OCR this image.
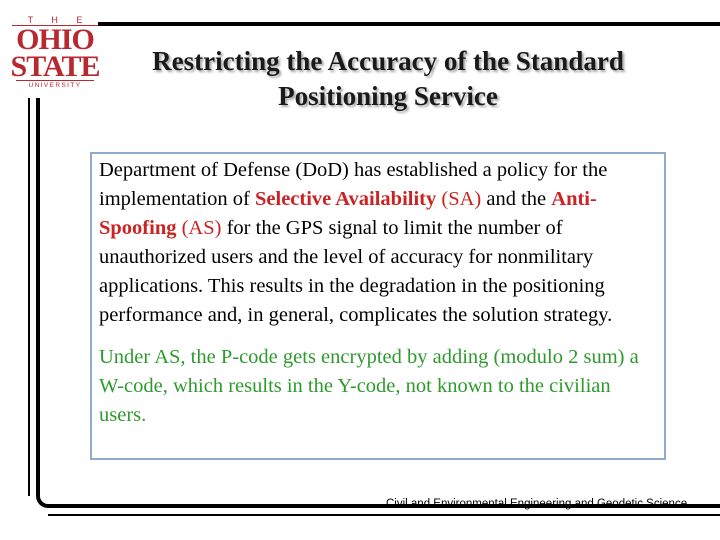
T H E
OHIO
STATE
UNIVERSITY
Restricting the Accuracy of the Standard
Positioning Service
Department of Defense (DoD) has established a policy for the implementation of Selective Availability (SA) and the Anti-Spoofing (AS) for the GPS signal to limit the number of unauthorized users and the level of accuracy for nonmilitary applications. This results in the degradation in the positioning performance and, in general, complicates the solution strategy.
Under AS, the P-code gets encrypted by adding (modulo 2 sum) a W-code, which results in the Y-code, not known to the civilian users.
Civil and Environmental Engineering and Geodetic Science
